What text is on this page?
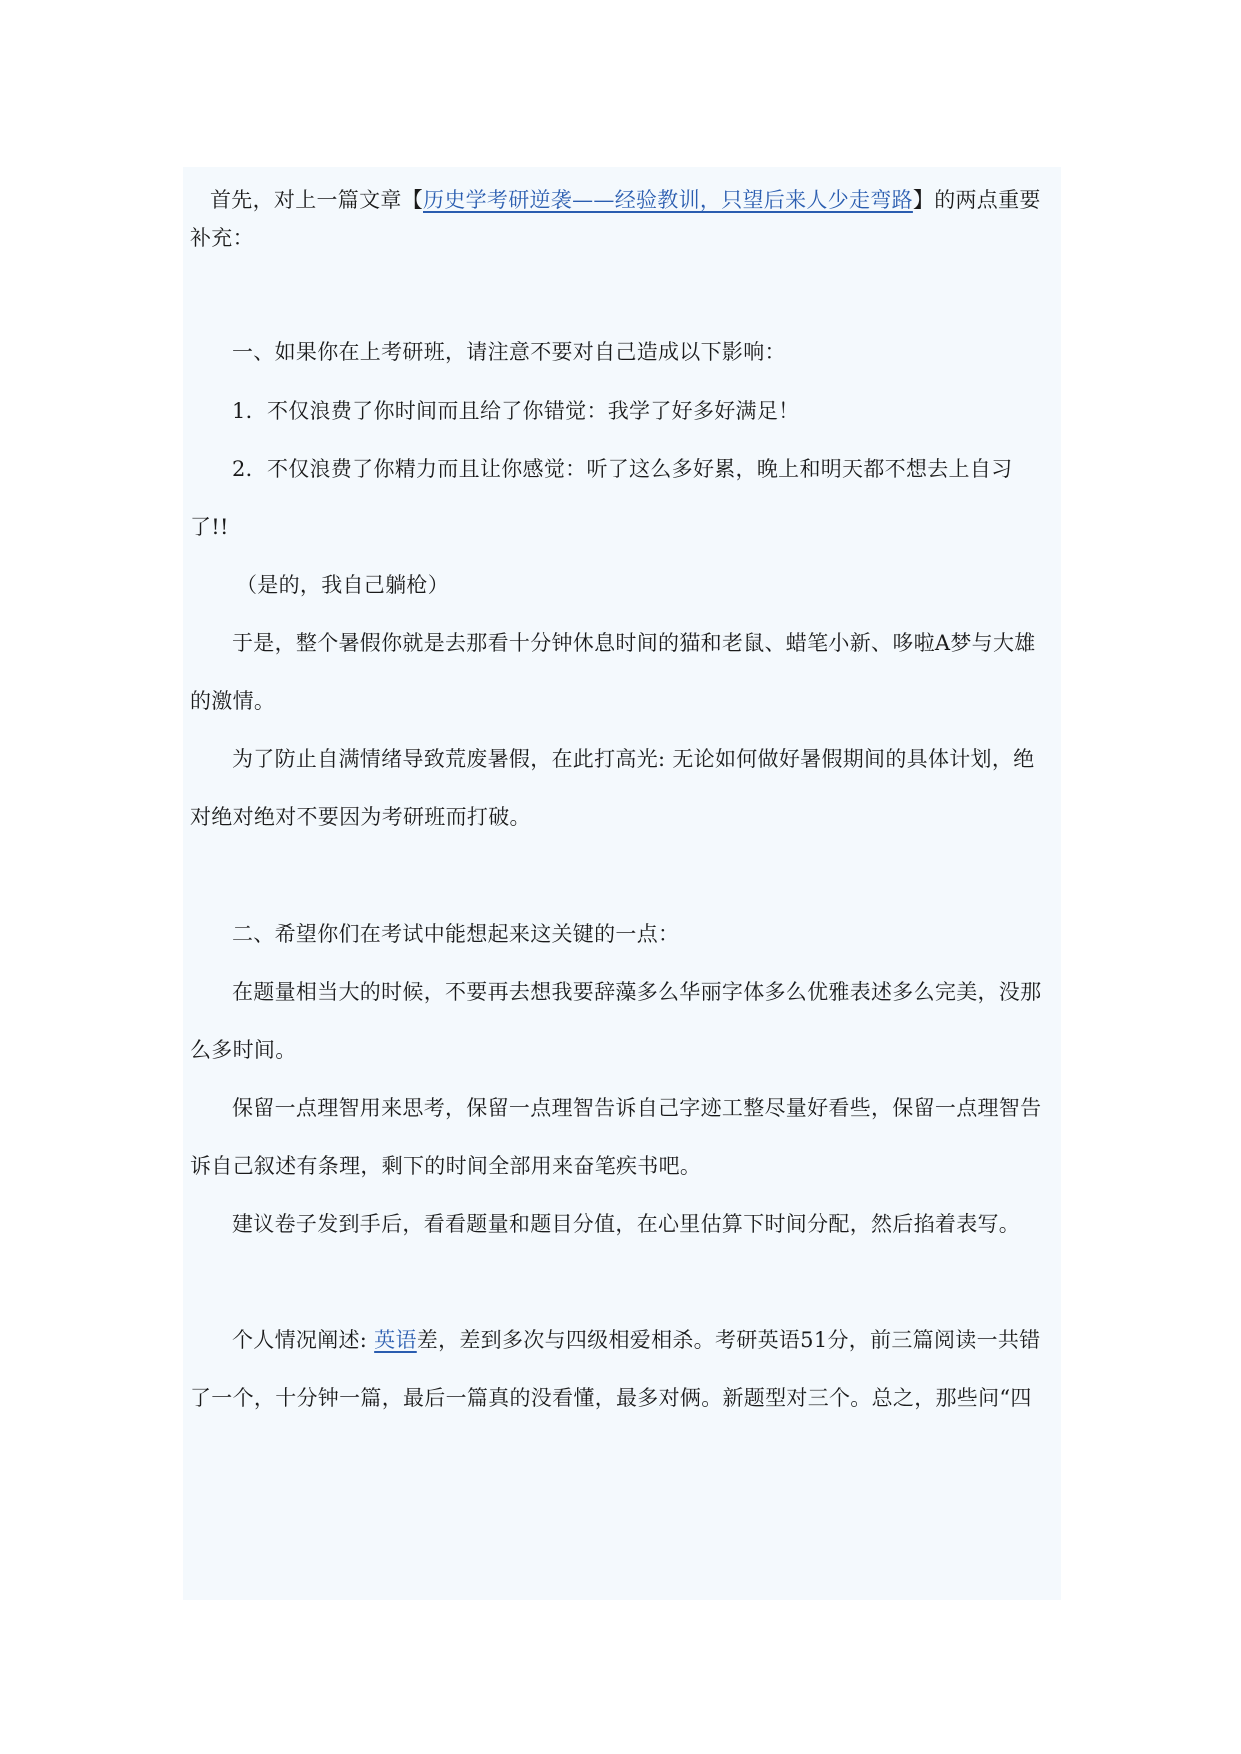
首先，对上一篇文章【历史学考研逆袭——经验教训，只望后来人少走弯路】的两点重要
补充：
一、如果你在上考研班，请注意不要对自己造成以下影响：
1．不仅浪费了你时间而且给了你错觉：我学了好多好满足！
2．不仅浪费了你精力而且让你感觉：听了这么多好累，晚上和明天都不想去上自习
了!!
（是的，我自己躺枪）
于是，整个暑假你就是去那看十分钟休息时间的猫和老鼠、蜡笔小新、哆啦A梦与大雄
的激情。
为了防止自满情绪导致荒废暑假，在此打高光: 无论如何做好暑假期间的具体计划，绝
对绝对绝对不要因为考研班而打破。
二、希望你们在考试中能想起来这关键的一点：
在题量相当大的时候，不要再去想我要辞藻多么华丽字体多么优雅表述多么完美，没那
么多时间。
保留一点理智用来思考，保留一点理智告诉自己字迹工整尽量好看些，保留一点理智告
诉自己叙述有条理，剩下的时间全部用来奋笔疾书吧。
建议卷子发到手后，看看题量和题目分值，在心里估算下时间分配，然后掐着表写。
个人情况阐述: 英语差，差到多次与四级相爱相杀。考研英语51分，前三篇阅读一共错
了一个，十分钟一篇，最后一篇真的没看懂，最多对俩。新题型对三个。总之，那些问“四
